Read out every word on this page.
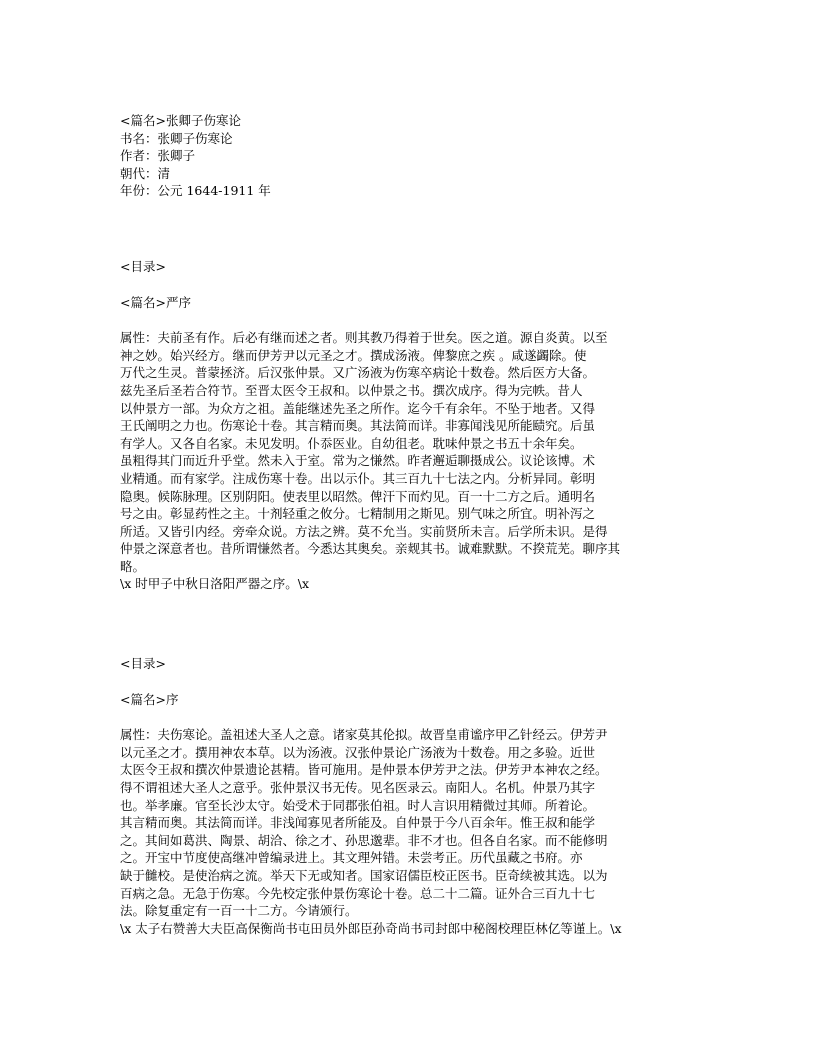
<篇名>张卿子伤寒论
书名：张卿子伤寒论
作者：张卿子
朝代：清
年份：公元 1644-1911 年
<目录>
<篇名>严序
属性：夫前圣有作。后必有继而述之者。则其教乃得着于世矣。医之道。源自炎黄。以至
神之妙。始兴经方。继而伊芳尹以元圣之才。撰成汤液。俾黎庶之疾 。咸遂蠲除。使
万代之生灵。普蒙拯济。后汉张仲景。又广汤液为伤寒卒病论十数卷。然后医方大备。
兹先圣后圣若合符节。至晋太医令王叔和。以仲景之书。撰次成序。得为完帙。昔人
以仲景方一部。为众方之祖。盖能继述先圣之所作。迄今千有余年。不坠于地者。又得
王氏阐明之力也。伤寒论十卷。其言精而奥。其法简而详。非寡闻浅见所能赜究。后虽
有学人。又各自名家。未见发明。仆忝医业。自幼徂老。耽味仲景之书五十余年矣。
虽粗得其门而近升乎堂。然未入于室。常为之慊然。昨者邂逅聊摄成公。议论该博。术
业精通。而有家学。注成伤寒十卷。出以示仆。其三百九十七法之内。分析异同。彰明
隐奥。候陈脉理。区别阴阳。使表里以昭然。俾汗下而灼见。百一十二方之后。通明名
号之由。彰显药性之主。十剂轻重之攸分。七精制用之斯见。别气味之所宜。明补泻之
所适。又皆引内经。旁牵众说。方法之辨。莫不允当。实前贤所未言。后学所未识。是得
仲景之深意者也。昔所谓慊然者。今悉达其奥矣。亲觌其书。诚难默默。不揆荒芜。聊序其
略。
\x 时甲子中秋日洛阳严器之序。\x
<目录>
<篇名>序
属性：夫伤寒论。盖祖述大圣人之意。诸家莫其伦拟。故晋皇甫谧序甲乙针经云。伊芳尹
以元圣之才。撰用神农本草。以为汤液。汉张仲景论广汤液为十数卷。用之多验。近世
太医令王叔和撰次仲景遗论甚精。皆可施用。是仲景本伊芳尹之法。伊芳尹本神农之经。
得不谓祖述大圣人之意乎。张仲景汉书无传。见名医录云。南阳人。名机。仲景乃其字
也。举孝廉。官至长沙太守。始受术于同郡张伯祖。时人言识用精微过其师。所着论。
其言精而奥。其法简而详。非浅闻寡见者所能及。自仲景于今八百余年。惟王叔和能学
之。其间如葛洪、陶景、胡洽、徐之才、孙思邈辈。非不才也。但各自名家。而不能修明
之。开宝中节度使高继冲曾编录进上。其文理舛错。未尝考正。历代虽藏之书府。亦
缺于雠校。是使治病之流。举天下无或知者。国家诏儒臣校正医书。臣奇续被其选。以为
百病之急。无急于伤寒。今先校定张仲景伤寒论十卷。总二十二篇。证外合三百九十七
法。除复重定有一百一十二方。今请颁行。
\x 太子右赞善大夫臣高保衡尚书屯田员外郎臣孙奇尚书司封郎中秘阁校理臣林亿等谨上。\x
